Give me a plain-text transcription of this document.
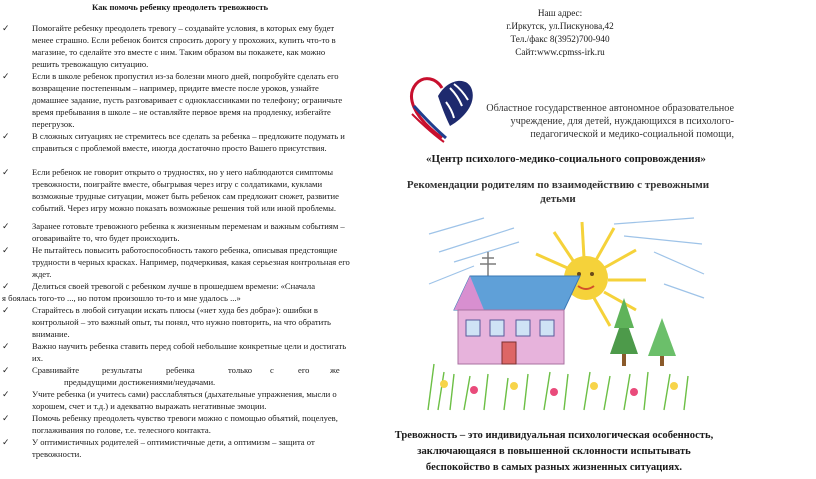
Как помочь ребенку преодолеть тревожность
✓	Помогайте ребенку преодолеть тревогу – создавайте условия, в которых ему будет менее страшно. Если ребенок боится спросить дорогу у прохожих, купить что-то в магазине, то сделайте это вместе с ним. Таким образом вы покажете, как можно решить тревожащую ситуацию.

✓	Если в школе ребенок пропустил из-за болезни много дней, попробуйте сделать его возвращение постепенным – например, придите вместе после уроков, узнайте домашнее задание, пусть разговаривает с одноклассниками по телефону; ограничьте время пребывания в школе – не оставляйте первое время на продленку, избегайте перегрузок.

✓	В сложных ситуациях не стремитесь все сделать за ребенка – предложите подумать и справиться с проблемой вместе, иногда достаточно просто Вашего присутствия.

✓	Если ребенок не говорит открыто о трудностях, но у него наблюдаются симптомы тревожности, поиграйте вместе, обыгрывая через игру с солдатиками, куклами возможные трудные ситуации, может быть ребенок сам предложит сюжет, развитие событий. Через игру можно показать возможные решения той или иной проблемы.

✓	Заранее готовьте тревожного ребенка к жизненным переменам и важным событиям – оговаривайте то, что будет происходить.

✓	Не пытайтесь повысить работоспособность такого ребенка, описывая предстоящие трудности в черных красках. Например, подчеркивая, какая серьезная контрольная его ждет.

✓	Делиться своей тревогой с ребенком лучше в прошедшем времени: «Сначала

я боялась того-то ..., но потом произошло то-то и мне удалось ...»

✓	Старайтесь в любой ситуации искать плюсы («нет худа без добра»): ошибки в контрольной – это важный опыт, ты понял, что нужно повторить, на что обратить внимание.

✓	Важно научить ребенка ставить перед собой небольшие конкретные цели и достигать их.

✓	Сравнивайте	результаты	ребенка	только с	его же
предыдущими достижениями/неудачами.
✓	Учите ребенка (и учитесь сами) расслабляться (дыхательные упражнения, мысли о хорошем, счет и т.д.) и адекватно выражать негативные эмоции.

✓	Помочь ребенку преодолеть чувство тревоги можно с помощью объятий, поцелуев, поглаживания по голове, т.е. телесного контакта.

✓	У оптимистичных родителей – оптимистичные дети, а оптимизм – защита от тревожности.

Наш адрес:
г.Иркутск, ул.Пискунова,42
Тел./факс 8(3952)700-940
Сайт:www.cpmss-irk.ru
Областное государственное автономное образовательное
учреждение, для детей, нуждающихся в психолого-
педагогической и медико-социальной помощи,
«Центр психолого-медико-социального сопровождения»
Рекомендации родителям по взаимодействию с тревожными
детьми
Тревожность – это индивидуальная психологическая особенность,
заключающаяся в повышенной склонности испытывать
беспокойство в самых разных жизненных ситуациях.
